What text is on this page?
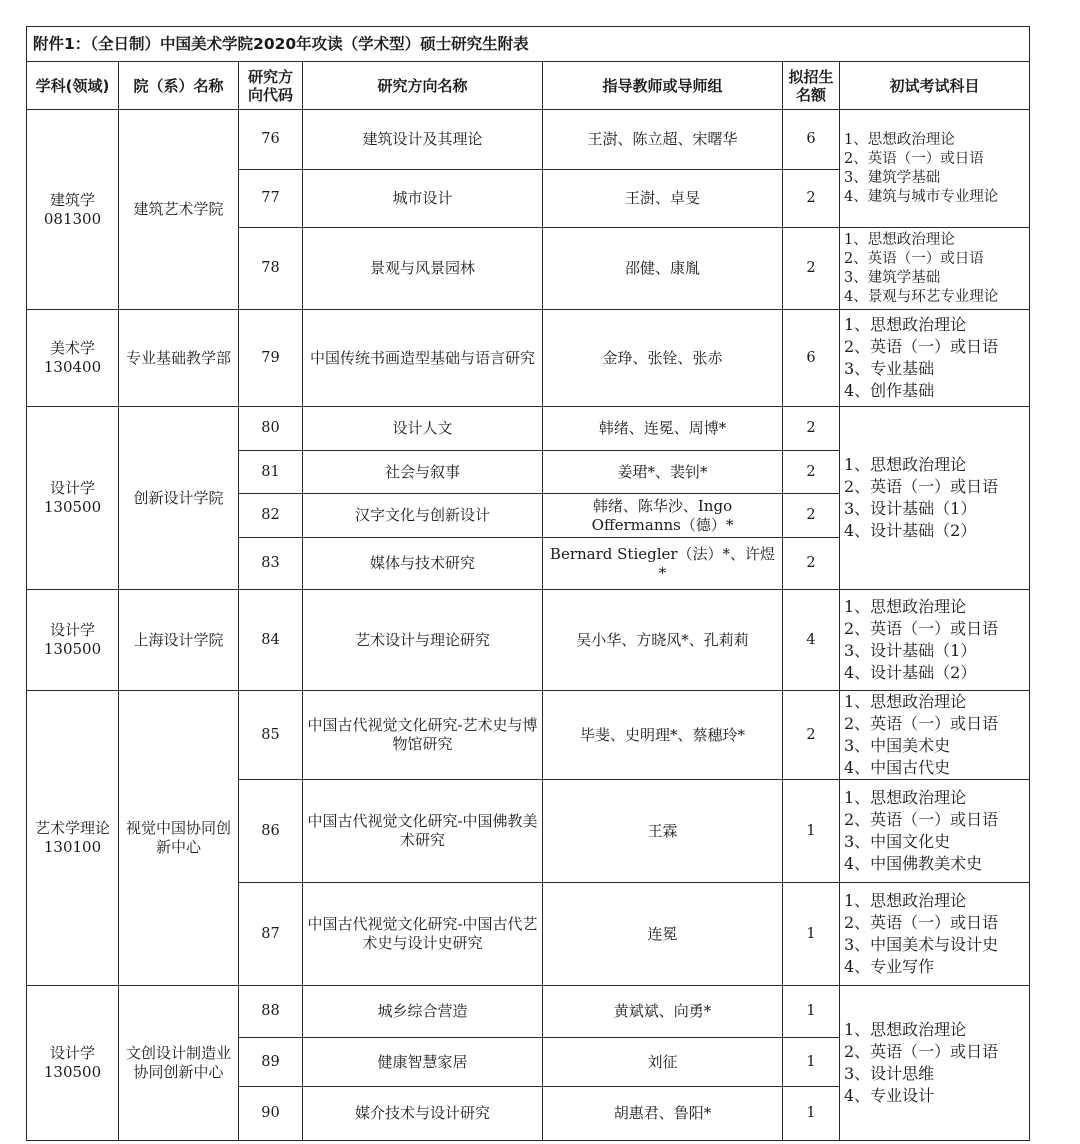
附件1：（全日制）中国美术学院2020年攻读（学术型）硕士研究生附表						
学科(领域)	院（系）名称	研究方向代码	研究方向名称	指导教师或导师组	拟招生名额	初试考试科目

建筑学
081300	建筑艺术学院	76	建筑设计及其理论	王澍、陈立超、宋曙华	6	1、思想政治理论
2、英语（一）或日语
3、建筑学基础
4、建筑与城市专业理论

		77	城市设计	王澍、卓旻	2	
		78	景观与风景园林	邵健、康胤	2	1、思想政治理论
2、英语（一）或日语
3、建筑学基础
4、景观与环艺专业理论

美术学
130400	专业基础教学部	79	中国传统书画造型基础与语言研究	金琤、张铨、张赤	6	1、思想政治理论
2、英语（一）或日语
3、专业基础
4、创作基础

设计学
130500	创新设计学院	80	设计人文	韩绪、连冕、周博*	2	1、思想政治理论
2、英语（一）或日语
3、设计基础（1）
4、设计基础（2）

		81	社会与叙事	姜珺*、裴钊*	2	
		82	汉字文化与创新设计	韩绪、陈华沙、Ingo Offermanns（德）*	2	
		83	媒体与技术研究	Bernard Stiegler（法）*、许煜*	2	

设计学
130500	上海设计学院	84	艺术设计与理论研究	吴小华、方晓风*、孔莉莉	4	1、思想政治理论
2、英语（一）或日语
3、设计基础（1）
4、设计基础（2）

艺术学理论
130100	视觉中国协同创新中心	85	中国古代视觉文化研究-艺术史与博物馆研究	毕斐、史明理*、蔡穗玲*	2	1、思想政治理论
2、英语（一）或日语
3、中国美术史
4、中国古代史

		86	中国古代视觉文化研究-中国佛教美术研究	王霖	1	1、思想政治理论
2、英语（一）或日语
3、中国文化史
4、中国佛教美术史

		87	中国古代视觉文化研究-中国古代艺术史与设计史研究	连冕	1	1、思想政治理论
2、英语（一）或日语
3、中国美术与设计史
4、专业写作

设计学
130500	文创设计制造业协同创新中心	88	城乡综合营造	黄斌斌、向勇*	1	1、思想政治理论
2、英语（一）或日语
3、设计思维
4、专业设计

		89	健康智慧家居	刘征	1	
		90	媒介技术与设计研究	胡惠君、鲁阳*	1	
